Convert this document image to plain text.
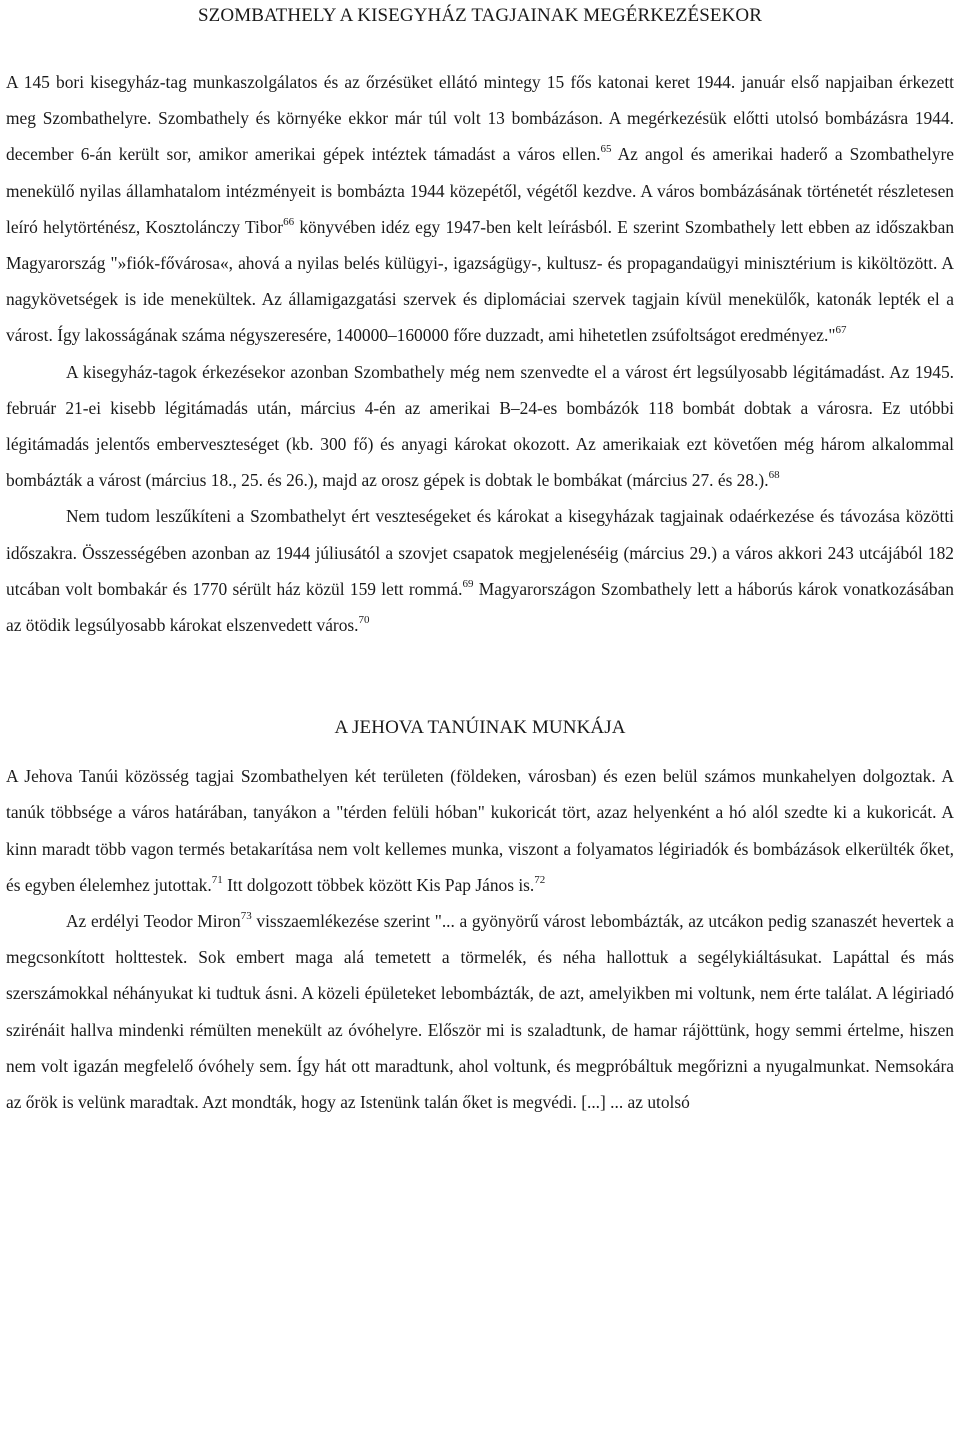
SZOMBATHELY A KISEGYHÁZ TAGJAINAK MEGÉRKEZÉSEKOR

A 145 bori kisegyház-tag munkaszolgálatos és az őrzésüket ellátó mintegy 15 fős katonai keret 1944. január első napjaiban érkezett meg Szombathelyre. Szombathely és környéke ekkor már túl volt 13 bombázáson. A megérkezésük előtti utolsó bombázásra 1944. december 6-án került sor, amikor amerikai gépek intéztek támadást a város ellen.$^{65}$ Az angol és amerikai haderő a Szombathelyre menekülő nyilas államhatalom intézményeit is bombázta 1944 közepétől, végétől kezdve. A város bombázásának történetét részletesen leíró helytörténész, Kosztolánczy Tibor$^{66}$ könyvében idéz egy 1947-ben kelt leírásból. E szerint Szombathely lett ebben az időszakban Magyarország "»fiók-fővárosa«, ahová a nyilas belés külügyi-, igazságügy-, kultusz- és propagandaügyi minisztérium is kiköltözött. A nagykövetségek is ide menekültek. Az államigazgatási szervek és diplomáciai szervek tagjain kívül menekülők, katonák lepték el a várost. Így lakosságának száma négyszeresére, 140000–160000 főre duzzadt, ami hihetetlen zsúfoltságot eredményez."$^{67}$

A kisegyház-tagok érkezésekor azonban Szombathely még nem szenvedte el a várost ért legsúlyosabb légitámadást. Az 1945. február 21-ei kisebb légitámadás után, március 4-én az amerikai B–24-es bombázók 118 bombát dobtak a városra. Ez utóbbi légitámadás jelentős emberveszteséget (kb. 300 fő) és anyagi károkat okozott. Az amerikaiak ezt követően még három alkalommal bombázták a várost (március 18., 25. és 26.), majd az orosz gépek is dobtak le bombákat (március 27. és 28.).$^{68}$

Nem tudom leszűkíteni a Szombathelyt ért veszteségeket és károkat a kisegyházak tagjainak odaérkezése és távozása közötti időszakra. Összességében azonban az 1944 júliusától a szovjet csapatok megjelenéséig (március 29.) a város akkori 243 utcájából 182 utcában volt bombakár és 1770 sérült ház közül 159 lett rommá.$^{69}$ Magyarországon Szombathely lett a háborús károk vonatkozásában az ötödik legsúlyosabb károkat elszenvedett város.$^{70}$

A JEHOVA TANÚINAK MUNKÁJA

A Jehova Tanúi közösség tagjai Szombathelyen két területen (földeken, városban) és ezen belül számos munkahelyen dolgoztak. A tanúk többsége a város határában, tanyákon a "térden felüli hóban" kukoricát tört, azaz helyenként a hó alól szedte ki a kukoricát. A kinn maradt több vagon termés betakarítása nem volt kellemes munka, viszont a folyamatos légiriadók és bombázások elkerülték őket, és egyben élelemhez jutottak.$^{71}$ Itt dolgozott többek között Kis Pap János is.$^{72}$

Az erdélyi Teodor Miron$^{73}$ visszaemlékezése szerint "... a gyönyörű várost lebombázták, az utcákon pedig szanaszét hevertek a megcsonkított holttestek. Sok embert maga alá temetett a törmelék, és néha hallottuk a segélykiáltásukat. Lapáttal és más szerszámokkal néhányukat ki tudtuk ásni. A közeli épületeket lebombázták, de azt, amelyikben mi voltunk, nem érte találat. A légiriadó szirénáit hallva mindenki rémülten menekült az óvóhelyre. Először mi is szaladtunk, de hamar rájöttünk, hogy semmi értelme, hiszen nem volt igazán megfelelő óvóhely sem. Így hát ott maradtunk, ahol voltunk, és megpróbáltuk megőrizni a nyugalmunkat. Nemsokára az őrök is velünk maradtak. Azt mondták, hogy az Istenünk talán őket is megvédi. [...] ... az utolsó
